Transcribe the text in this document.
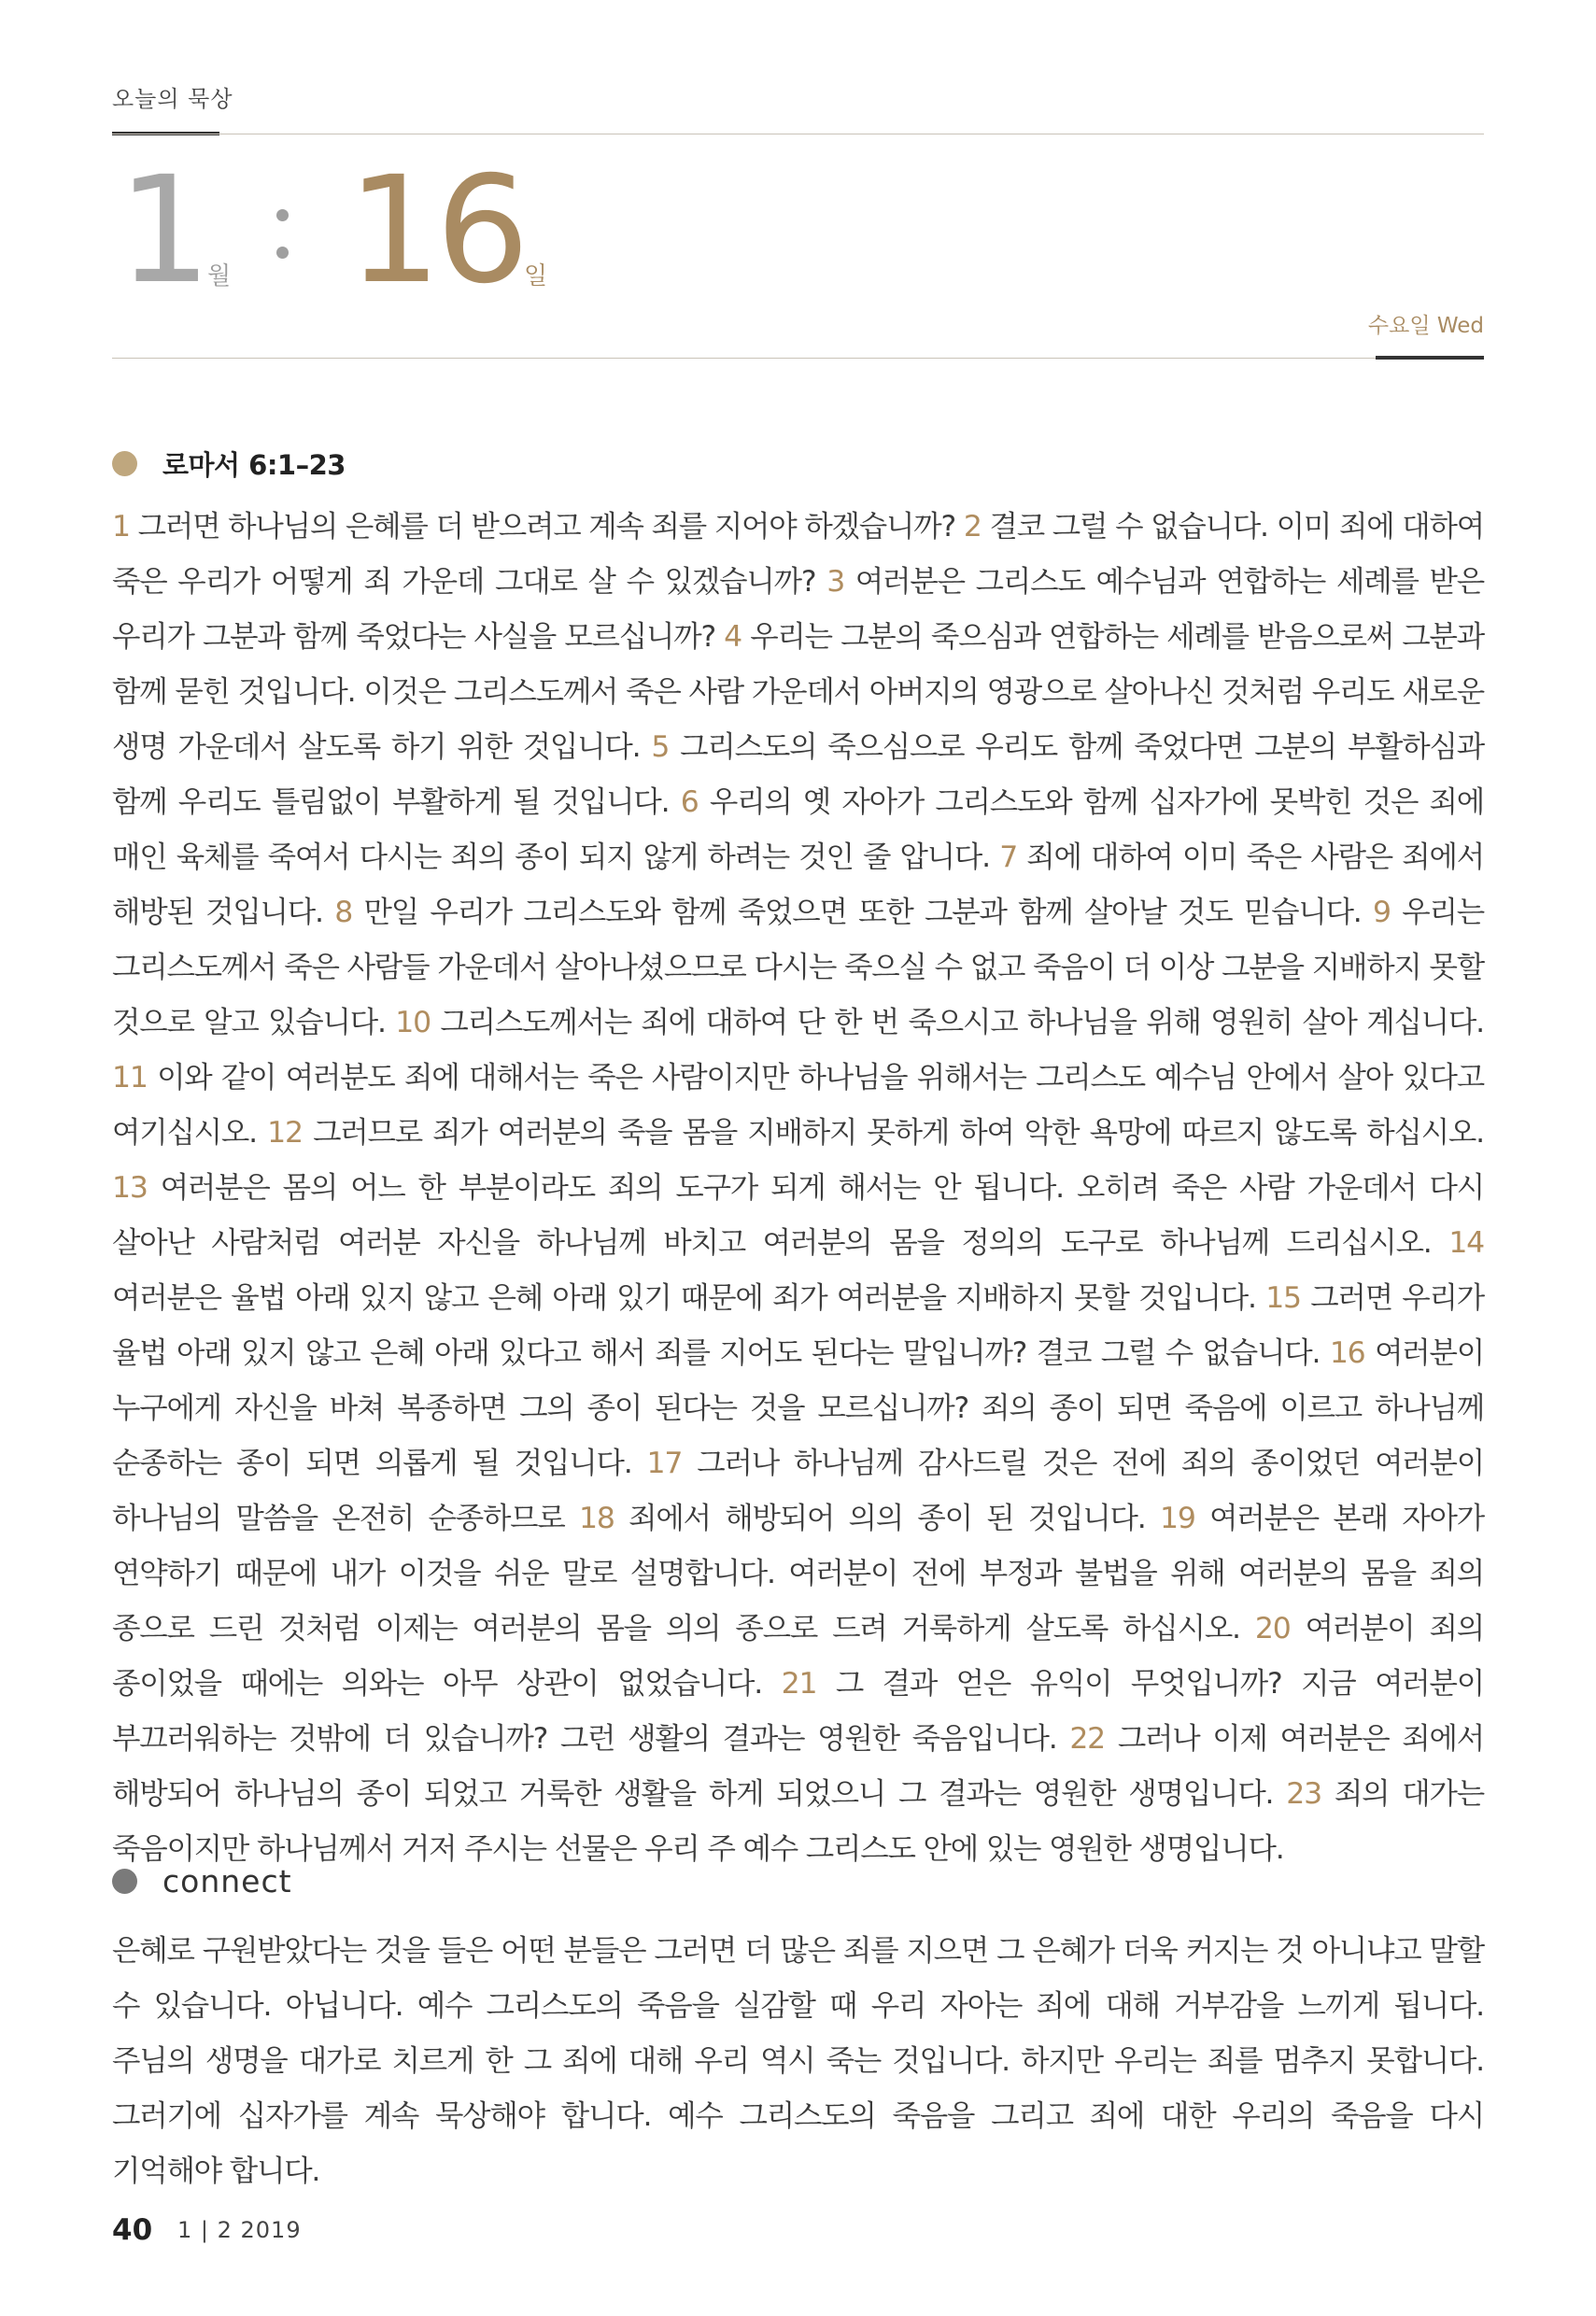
오늘의 묵상
1 월 16 일
수요일 Wed
로마서 6:1–23
1 그러면 하나님의 은혜를 더 받으려고 계속 죄를 지어야 하겠습니까? 2 결코 그럴 수 없습니다. 이미 죄에 대하여 죽은 우리가 어떻게 죄 가운데 그대로 살 수 있겠습니까? 3 여러분은 그리스도 예수님과 연합하는 세례를 받은 우리가 그분과 함께 죽었다는 사실을 모르십니까? 4 우리는 그분의 죽으심과 연합하는 세례를 받음으로써 그분과 함께 묻힌 것입니다. 이것은 그리스도께서 죽은 사람 가운데서 아버지의 영광으로 살아나신 것처럼 우리도 새로운 생명 가운데서 살도록 하기 위한 것입니다. 5 그리스도의 죽으심으로 우리도 함께 죽었다면 그분의 부활하심과 함께 우리도 틀림없이 부활하게 될 것입니다. 6 우리의 옛 자아가 그리스도와 함께 십자가에 못박힌 것은 죄에 매인 육체를 죽여서 다시는 죄의 종이 되지 않게 하려는 것인 줄 압니다. 7 죄에 대하여 이미 죽은 사람은 죄에서 해방된 것입니다. 8 만일 우리가 그리스도와 함께 죽었으면 또한 그분과 함께 살아날 것도 믿습니다. 9 우리는 그리스도께서 죽은 사람들 가운데서 살아나셨으므로 다시는 죽으실 수 없고 죽음이 더 이상 그분을 지배하지 못할 것으로 알고 있습니다. 10 그리스도께서는 죄에 대하여 단 한 번 죽으시고 하나님을 위해 영원히 살아 계십니다. 11 이와 같이 여러분도 죄에 대해서는 죽은 사람이지만 하나님을 위해서는 그리스도 예수님 안에서 살아 있다고 여기십시오. 12 그러므로 죄가 여러분의 죽을 몸을 지배하지 못하게 하여 악한 욕망에 따르지 않도록 하십시오. 13 여러분은 몸의 어느 한 부분이라도 죄의 도구가 되게 해서는 안 됩니다. 오히려 죽은 사람 가운데서 다시 살아난 사람처럼 여러분 자신을 하나님께 바치고 여러분의 몸을 정의의 도구로 하나님께 드리십시오. 14 여러분은 율법 아래 있지 않고 은혜 아래 있기 때문에 죄가 여러분을 지배하지 못할 것입니다. 15 그러면 우리가 율법 아래 있지 않고 은혜 아래 있다고 해서 죄를 지어도 된다는 말입니까? 결코 그럴 수 없습니다. 16 여러분이 누구에게 자신을 바쳐 복종하면 그의 종이 된다는 것을 모르십니까? 죄의 종이 되면 죽음에 이르고 하나님께 순종하는 종이 되면 의롭게 될 것입니다. 17 그러나 하나님께 감사드릴 것은 전에 죄의 종이었던 여러분이 하나님의 말씀을 온전히 순종하므로 18 죄에서 해방되어 의의 종이 된 것입니다. 19 여러분은 본래 자아가 연약하기 때문에 내가 이것을 쉬운 말로 설명합니다. 여러분이 전에 부정과 불법을 위해 여러분의 몸을 죄의 종으로 드린 것처럼 이제는 여러분의 몸을 의의 종으로 드려 거룩하게 살도록 하십시오. 20 여러분이 죄의 종이었을 때에는 의와는 아무 상관이 없었습니다. 21 그 결과 얻은 유익이 무엇입니까? 지금 여러분이 부끄러워하는 것밖에 더 있습니까? 그런 생활의 결과는 영원한 죽음입니다. 22 그러나 이제 여러분은 죄에서 해방되어 하나님의 종이 되었고 거룩한 생활을 하게 되었으니 그 결과는 영원한 생명입니다. 23 죄의 대가는 죽음이지만 하나님께서 거저 주시는 선물은 우리 주 예수 그리스도 안에 있는 영원한 생명입니다.
connect
은혜로 구원받았다는 것을 들은 어떤 분들은 그러면 더 많은 죄를 지으면 그 은혜가 더욱 커지는 것 아니냐고 말할 수 있습니다. 아닙니다. 예수 그리스도의 죽음을 실감할 때 우리 자아는 죄에 대해 거부감을 느끼게 됩니다. 주님의 생명을 대가로 치르게 한 그 죄에 대해 우리 역시 죽는 것입니다. 하지만 우리는 죄를 멈추지 못합니다. 그러기에 십자가를 계속 묵상해야 합니다. 예수 그리스도의 죽음을 그리고 죄에 대한 우리의 죽음을 다시 기억해야 합니다.
40 1 | 2 2019
